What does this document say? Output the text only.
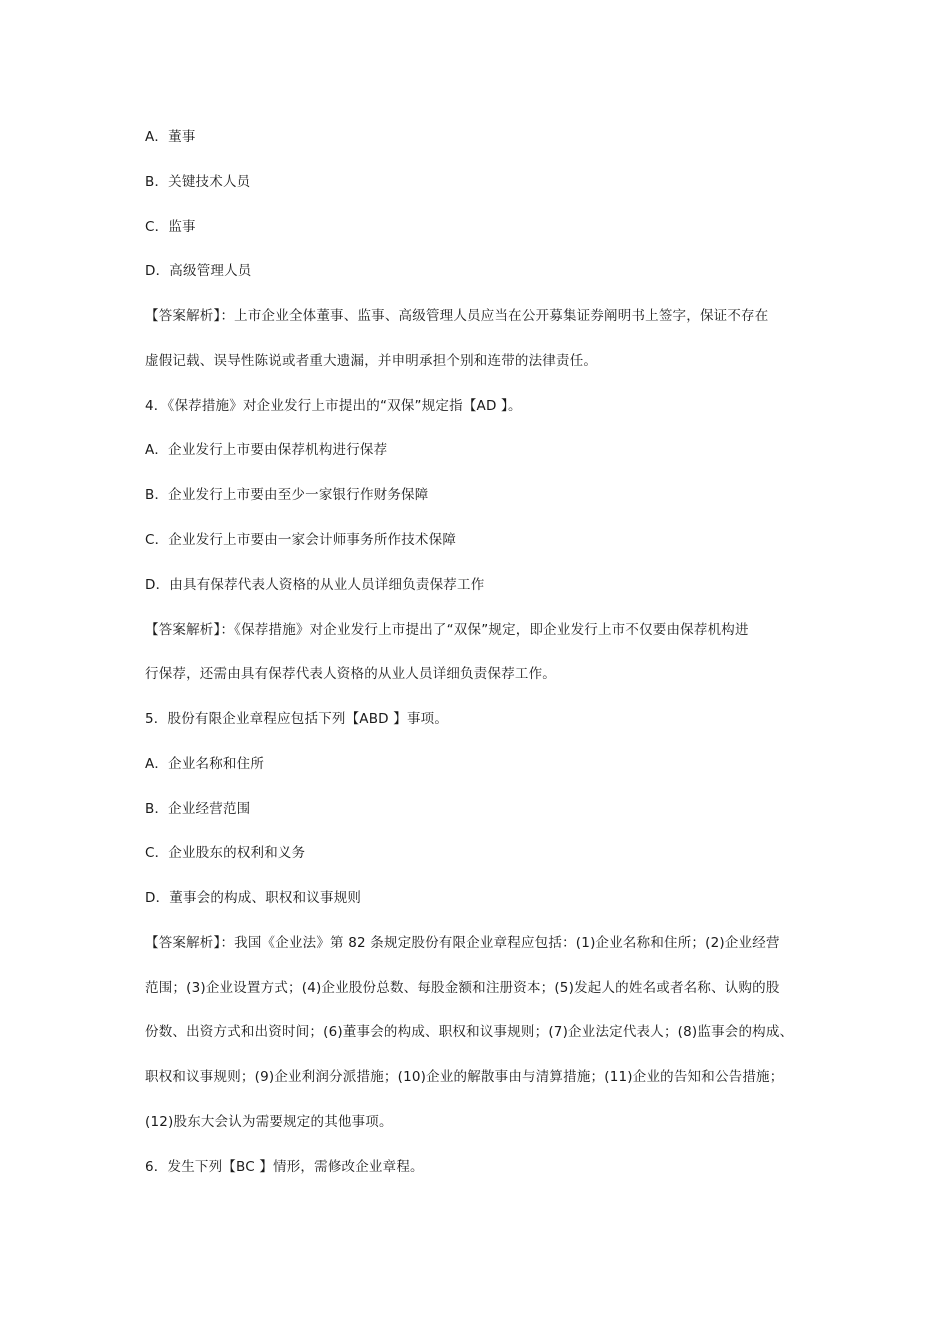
A．董事
B．关键技术人员
C．监事
D．高级管理人员
【答案解析】：上市企业全体董事、监事、高级管理人员应当在公开募集证券阐明书上签字，保证不存在
虚假记载、误导性陈说或者重大遗漏，并申明承担个别和连带的法律责任。
4．《保荐措施》对企业发行上市提出的“双保”规定指【AD 】。
A．企业发行上市要由保荐机构进行保荐
B．企业发行上市要由至少一家银行作财务保障
C．企业发行上市要由一家会计师事务所作技术保障
D．由具有保荐代表人资格的从业人员详细负责保荐工作
【答案解析】：《保荐措施》对企业发行上市提出了“双保”规定，即企业发行上市不仅要由保荐机构进
行保荐，还需由具有保荐代表人资格的从业人员详细负责保荐工作。
5．股份有限企业章程应包括下列【ABD 】事项。
A．企业名称和住所
B．企业经营范围
C．企业股东的权利和义务
D．董事会的构成、职权和议事规则
【答案解析】：我国《企业法》第 82 条规定股份有限企业章程应包括：(1)企业名称和住所；(2)企业经营
范围；(3)企业设置方式；(4)企业股份总数、每股金额和注册资本；(5)发起人的姓名或者名称、认购的股
份数、出资方式和出资时间；(6)董事会的构成、职权和议事规则；(7)企业法定代表人；(8)监事会的构成、
职权和议事规则；(9)企业利润分派措施；(10)企业的解散事由与清算措施；(11)企业的告知和公告措施；
(12)股东大会认为需要规定的其他事项。
6．发生下列【BC 】情形，需修改企业章程。
